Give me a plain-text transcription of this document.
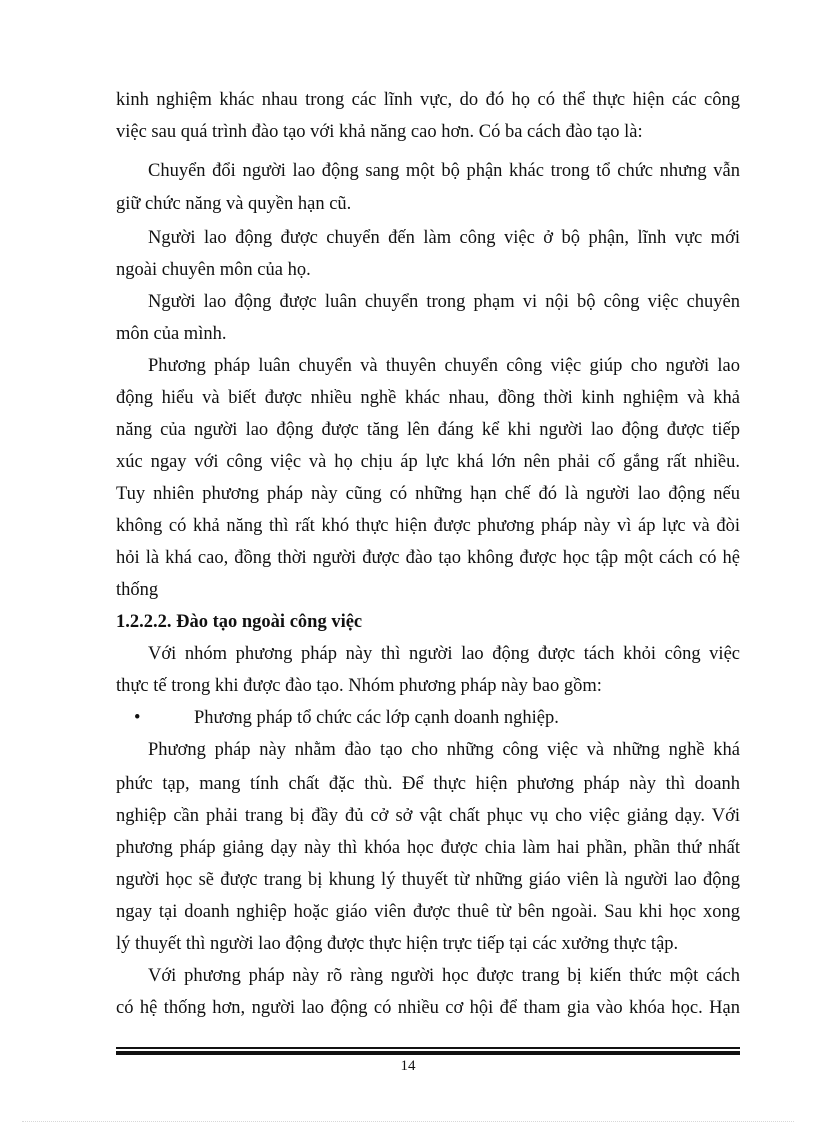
kinh nghiệm khác nhau trong các lĩnh vực, do đó họ có thể thực hiện các công
việc sau quá trình đào tạo với khả năng cao hơn. Có ba cách đào tạo là:
Chuyển đổi người lao động sang một bộ phận khác trong tổ chức nhưng vẫn
giữ chức năng và quyền hạn cũ.
Người lao động được chuyển đến làm công việc ở bộ phận, lĩnh vực mới
ngoài chuyên môn của họ.
Người lao động được luân chuyển trong phạm vi nội bộ công việc chuyên
môn của mình.
Phương pháp luân chuyển và thuyên chuyển công việc giúp cho người lao
động hiểu và biết được nhiều nghề khác nhau, đồng thời kinh nghiệm và khả
năng của người lao động được tăng lên đáng kể khi người lao động được tiếp
xúc ngay với công việc và họ chịu áp lực khá lớn nên phải cố gắng rất nhiều.
Tuy nhiên phương pháp này cũng có những hạn chế đó là người lao động nếu
không có khả năng thì rất khó thực hiện được phương pháp này vì áp lực và đòi
hỏi là khá cao, đồng thời người được đào tạo không được học tập một cách có hệ
thống
1.2.2.2. Đào tạo ngoài công việc
Với nhóm phương pháp này thì người lao động được tách khỏi công việc
thực tế trong khi được đào tạo. Nhóm phương pháp này bao gồm:
•	Phương pháp tổ chức các lớp cạnh doanh nghiệp.
Phương pháp này nhằm đào tạo cho những công việc và những nghề khá
phức tạp, mang tính chất đặc thù. Để thực hiện phương pháp này thì doanh
nghiệp cần phải trang bị đầy đủ cở sở vật chất phục vụ cho việc giảng dạy. Với
phương pháp giảng dạy này thì khóa học được chia làm hai phần, phần thứ nhất
người học sẽ được trang bị khung lý thuyết từ những giáo viên là người lao động
ngay tại doanh nghiệp hoặc giáo viên được thuê từ bên ngoài. Sau khi học xong
lý thuyết thì người lao động được thực hiện trực tiếp tại các xưởng thực tập.
Với phương pháp này rõ ràng người học được trang bị kiến thức một cách
có hệ thống hơn, người lao động có nhiều cơ hội để tham gia vào khóa học. Hạn
14
